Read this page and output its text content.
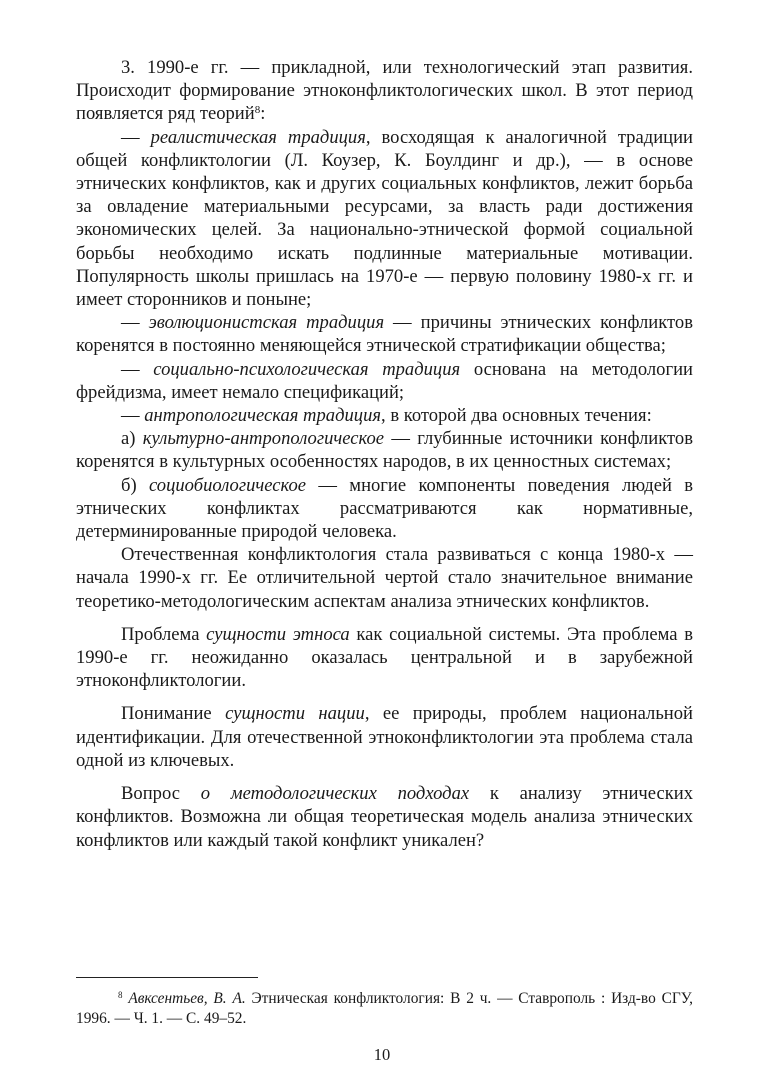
3. 1990-е гг. — прикладной, или технологический этап развития. Происходит формирование этноконфликтологических школ. В этот период появляется ряд теорий$^8$:

— реалистическая традиция, восходящая к аналогичной традиции общей конфликтологии (Л. Коузер, К. Боулдинг и др.), — в основе этнических конфликтов, как и других социальных конфликтов, лежит борьба за овладение материальными ресурсами, за власть ради достижения экономических целей. За национально-этнической формой социальной борьбы необходимо искать подлинные материальные мотивации. Популярность школы пришлась на 1970-е — первую половину 1980-х гг. и имеет сторонников и поныне;

— эволюционистская традиция — причины этнических конфликтов коренятся в постоянно меняющейся этнической стратификации общества;

— социально-психологическая традиция основана на методологии фрейдизма, имеет немало спецификаций;

— антропологическая традиция, в которой два основных течения:

а) культурно-антропологическое — глубинные источники конфликтов коренятся в культурных особенностях народов, в их ценностных системах;

б) социобиологическое — многие компоненты поведения людей в этнических конфликтах рассматриваются как нормативные, детерминированные природой человека.

Отечественная конфликтология стала развиваться с конца 1980-х — начала 1990-х гг. Ее отличительной чертой стало значительное внимание теоретико-методологическим аспектам анализа этнических конфликтов.

Проблема сущности этноса как социальной системы. Эта проблема в 1990-е гг. неожиданно оказалась центральной и в зарубежной этноконфликтологии.

Понимание сущности нации, ее природы, проблем национальной идентификации. Для отечественной этноконфликтологии эта проблема стала одной из ключевых.

Вопрос о методологических подходах к анализу этнических конфликтов. Возможна ли общая теоретическая модель анализа этнических конфликтов или каждый такой конфликт уникален?

$^8$ Авксентьев, В. А. Этническая конфликтология: В 2 ч. — Ставрополь : Изд-во СГУ, 1996. — Ч. 1. — С. 49–52.

10
